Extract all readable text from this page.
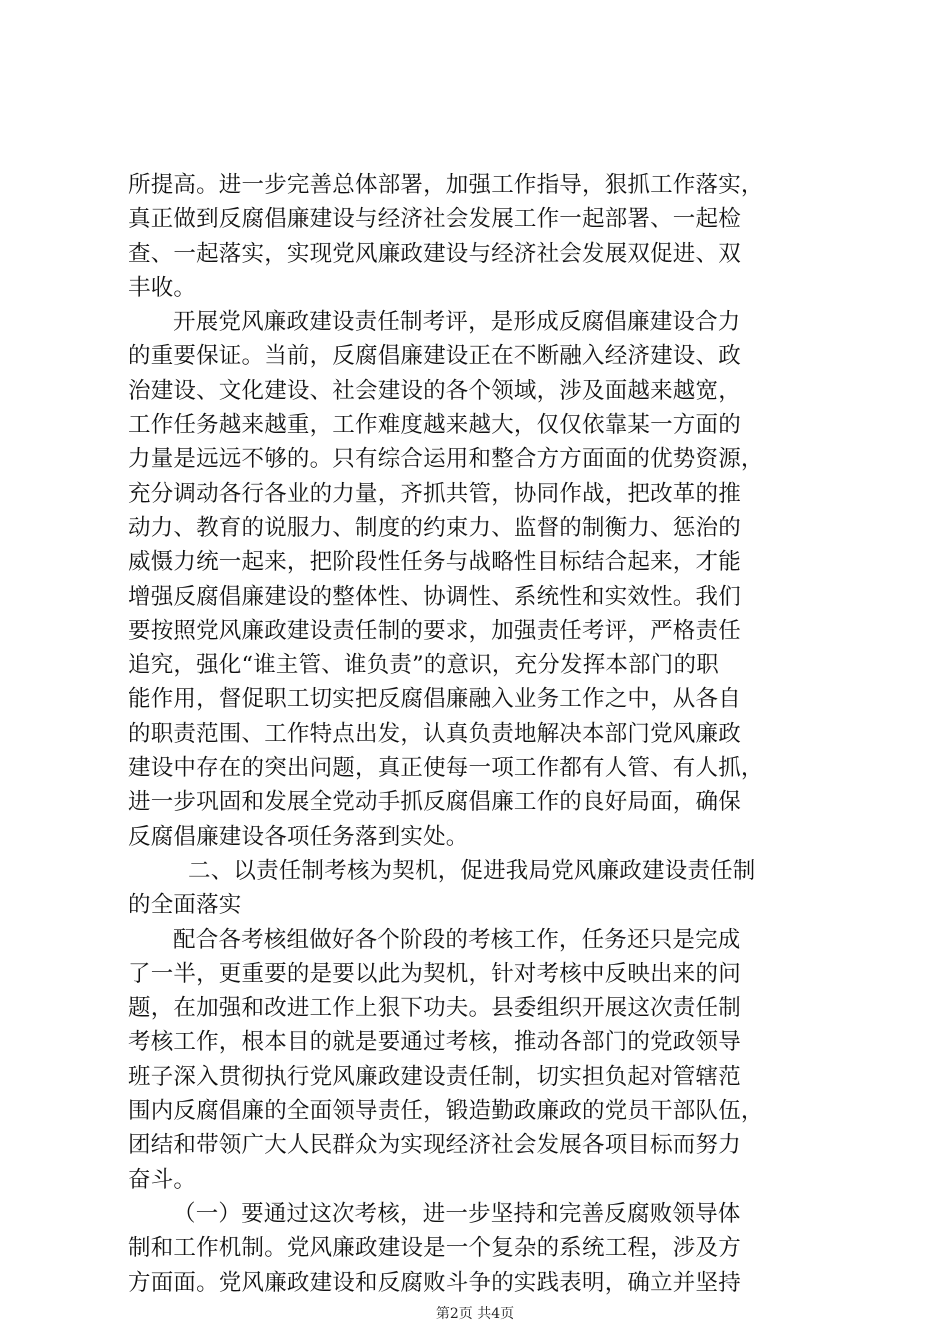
所提高。进一步完善总体部署，加强工作指导，狠抓工作落实，
真正做到反腐倡廉建设与经济社会发展工作一起部署、一起检
查、一起落实，实现党风廉政建设与经济社会发展双促进、双
丰收。
开展党风廉政建设责任制考评，是形成反腐倡廉建设合力
的重要保证。当前，反腐倡廉建设正在不断融入经济建设、政
治建设、文化建设、社会建设的各个领域，涉及面越来越宽，
工作任务越来越重，工作难度越来越大，仅仅依靠某一方面的
力量是远远不够的。只有综合运用和整合方方面面的优势资源，
充分调动各行各业的力量，齐抓共管，协同作战，把改革的推
动力、教育的说服力、制度的约束力、监督的制衡力、惩治的
威慑力统一起来，把阶段性任务与战略性目标结合起来，才能
增强反腐倡廉建设的整体性、协调性、系统性和实效性。我们
要按照党风廉政建设责任制的要求，加强责任考评，严格责任
追究，强化“谁主管、谁负责”的意识，充分发挥本部门的职
能作用，督促职工切实把反腐倡廉融入业务工作之中，从各自
的职责范围、工作特点出发，认真负责地解决本部门党风廉政
建设中存在的突出问题，真正使每一项工作都有人管、有人抓，
进一步巩固和发展全党动手抓反腐倡廉工作的良好局面，确保
反腐倡廉建设各项任务落到实处。
二、以责任制考核为契机，促进我局党风廉政建设责任制
的全面落实
配合各考核组做好各个阶段的考核工作，任务还只是完成
了一半，更重要的是要以此为契机，针对考核中反映出来的问
题，在加强和改进工作上狠下功夫。县委组织开展这次责任制
考核工作，根本目的就是要通过考核，推动各部门的党政领导
班子深入贯彻执行党风廉政建设责任制，切实担负起对管辖范
围内反腐倡廉的全面领导责任，锻造勤政廉政的党员干部队伍，
团结和带领广大人民群众为实现经济社会发展各项目标而努力
奋斗。
（一）要通过这次考核，进一步坚持和完善反腐败领导体
制和工作机制。党风廉政建设是一个复杂的系统工程，涉及方
方面面。党风廉政建设和反腐败斗争的实践表明，确立并坚持
第2页 共4页
